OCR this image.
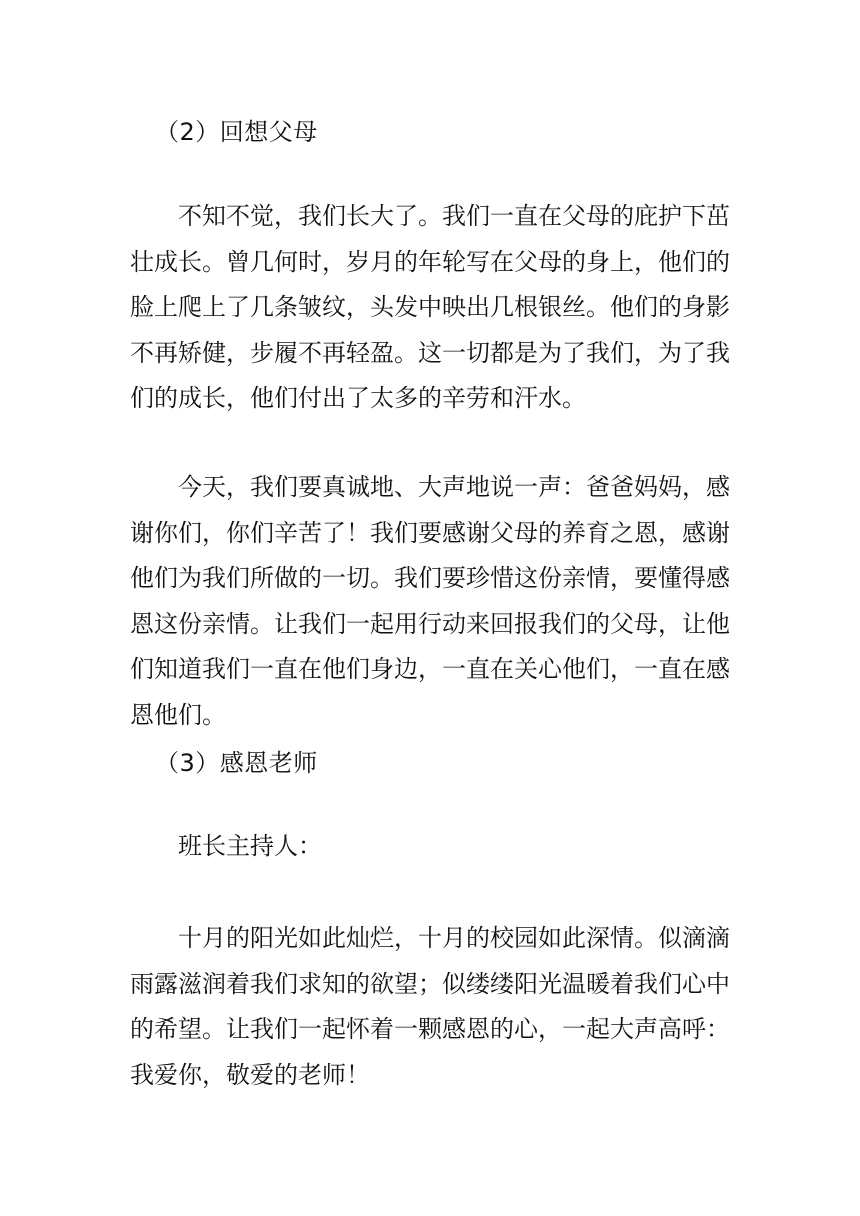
（2）回想父母

不知不觉，我们长大了。我们一直在父母的庇护下茁壮成长。曾几何时，岁月的年轮写在父母的身上，他们的脸上爬上了几条皱纹，头发中映出几根银丝。他们的身影不再矫健，步履不再轻盈。这一切都是为了我们，为了我们的成长，他们付出了太多的辛劳和汗水。

今天，我们要真诚地、大声地说一声：爸爸妈妈，感谢你们，你们辛苦了！我们要感谢父母的养育之恩，感谢他们为我们所做的一切。我们要珍惜这份亲情，要懂得感恩这份亲情。让我们一起用行动来回报我们的父母，让他们知道我们一直在他们身边，一直在关心他们，一直在感恩他们。

（3）感恩老师

班长主持人：

十月的阳光如此灿烂，十月的校园如此深情。似滴滴雨露滋润着我们求知的欲望；似缕缕阳光温暖着我们心中的希望。让我们一起怀着一颗感恩的心，一起大声高呼：我爱你，敬爱的老师！
